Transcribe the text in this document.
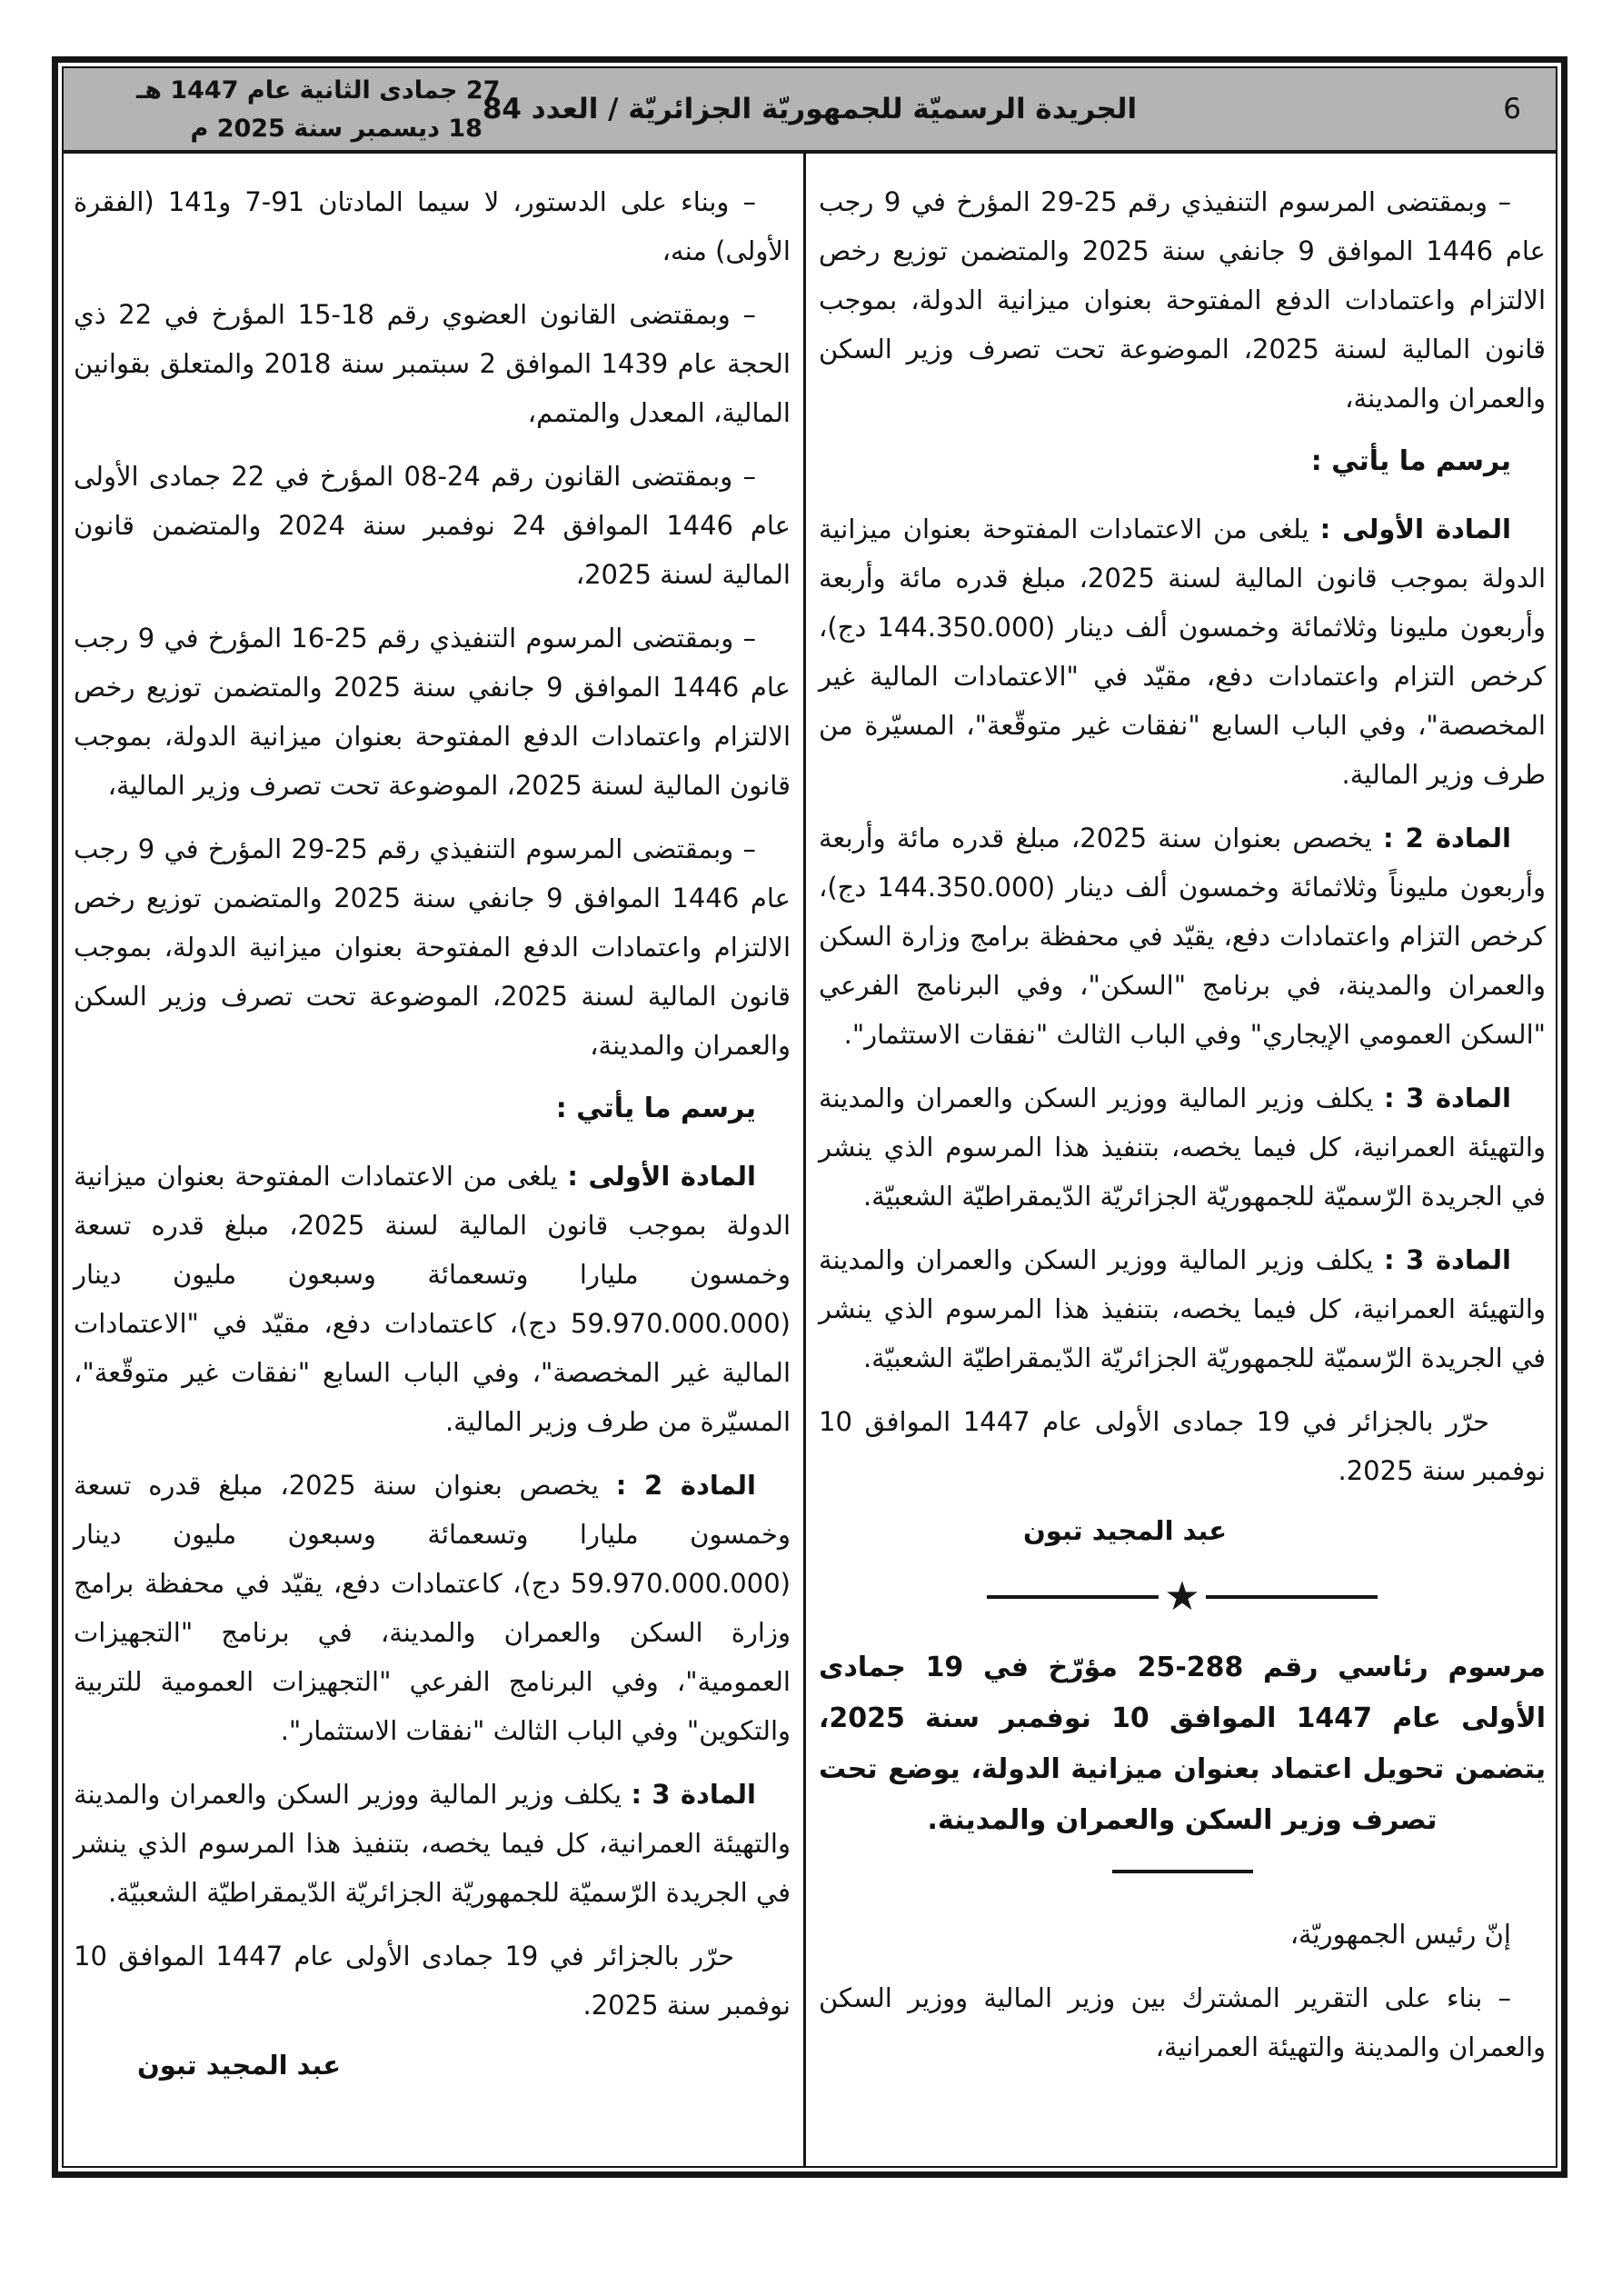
27 جمادى الثانية عام 1447 هـ
18 ديسمبر سنة 2025 م
الجريدة الرسميّة للجمهوريّة الجزائريّة / العدد 84	6

– وبناء على الدستور، لا سيما المادتان 91-7 و141 (الفقرة الأولى) منه،

– وبمقتضى القانون العضوي رقم 18-15 المؤرخ في 22 ذي الحجة عام 1439 الموافق 2 سبتمبر سنة 2018 والمتعلق بقوانين المالية، المعدل والمتمم،

– وبمقتضى القانون رقم 24-08 المؤرخ في 22 جمادى الأولى عام 1446 الموافق 24 نوفمبر سنة 2024 والمتضمن قانون المالية لسنة 2025،

– وبمقتضى المرسوم التنفيذي رقم 25-16 المؤرخ في 9 رجب عام 1446 الموافق 9 جانفي سنة 2025 والمتضمن توزيع رخص الالتزام واعتمادات الدفع المفتوحة بعنوان ميزانية الدولة، بموجب قانون المالية لسنة 2025، الموضوعة تحت تصرف وزير المالية،

– وبمقتضى المرسوم التنفيذي رقم 25-29 المؤرخ في 9 رجب عام 1446 الموافق 9 جانفي سنة 2025 والمتضمن توزيع رخص الالتزام واعتمادات الدفع المفتوحة بعنوان ميزانية الدولة، بموجب قانون المالية لسنة 2025، الموضوعة تحت تصرف وزير السكن والعمران والمدينة،

يرسم ما يأتي :

المادة الأولى : يلغى من الاعتمادات المفتوحة بعنوان ميزانية الدولة بموجب قانون المالية لسنة 2025، مبلغ قدره تسعة وخمسون مليارا وتسعمائة وسبعون مليون دينار (59.970.000.000 دج)، كاعتمادات دفع، مقيّد في "الاعتمادات المالية غير المخصصة"، وفي الباب السابع "نفقات غير متوقّعة"، المسيّرة من طرف وزير المالية.

المادة 2 : يخصص بعنوان سنة 2025، مبلغ قدره تسعة وخمسون مليارا وتسعمائة وسبعون مليون دينار (59.970.000.000 دج)، كاعتمادات دفع، يقيّد في محفظة برامج وزارة السكن والعمران والمدينة، في برنامج "التجهيزات العمومية"، وفي البرنامج الفرعي "التجهيزات العمومية للتربية والتكوين" وفي الباب الثالث "نفقات الاستثمار".

المادة 3 : يكلف وزير المالية ووزير السكن والعمران والمدينة والتهيئة العمرانية، كل فيما يخصه، بتنفيذ هذا المرسوم الذي ينشر في الجريدة الرّسميّة للجمهوريّة الجزائريّة الدّيمقراطيّة الشعبيّة.

حرّر بالجزائر في 19 جمادى الأولى عام 1447 الموافق 10 نوفمبر سنة 2025.

عبد المجيد تبون

– وبمقتضى المرسوم التنفيذي رقم 25-29 المؤرخ في 9 رجب عام 1446 الموافق 9 جانفي سنة 2025 والمتضمن توزيع رخص الالتزام واعتمادات الدفع المفتوحة بعنوان ميزانية الدولة، بموجب قانون المالية لسنة 2025، الموضوعة تحت تصرف وزير السكن والعمران والمدينة،

يرسم ما يأتي :

المادة الأولى : يلغى من الاعتمادات المفتوحة بعنوان ميزانية الدولة بموجب قانون المالية لسنة 2025، مبلغ قدره مائة وأربعة وأربعون مليونا وثلاثمائة وخمسون ألف دينار (144.350.000 دج)، كرخص التزام واعتمادات دفع، مقيّد في "الاعتمادات المالية غير المخصصة"، وفي الباب السابع "نفقات غير متوقّعة"، المسيّرة من طرف وزير المالية.

المادة 2 : يخصص بعنوان سنة 2025، مبلغ قدره مائة وأربعة وأربعون مليوناً وثلاثمائة وخمسون ألف دينار (144.350.000 دج)، كرخص التزام واعتمادات دفع، يقيّد في محفظة برامج وزارة السكن والعمران والمدينة، في برنامج "السكن"، وفي البرنامج الفرعي "السكن العمومي الإيجاري" وفي الباب الثالث "نفقات الاستثمار".

المادة 3 : يكلف وزير المالية ووزير السكن والعمران والمدينة والتهيئة العمرانية، كل فيما يخصه، بتنفيذ هذا المرسوم الذي ينشر في الجريدة الرّسميّة للجمهوريّة الجزائريّة الدّيمقراطيّة الشعبيّة.

المادة 3 : يكلف وزير المالية ووزير السكن والعمران والمدينة والتهيئة العمرانية، كل فيما يخصه، بتنفيذ هذا المرسوم الذي ينشر في الجريدة الرّسميّة للجمهوريّة الجزائريّة الدّيمقراطيّة الشعبيّة.

حرّر بالجزائر في 19 جمادى الأولى عام 1447 الموافق 10 نوفمبر سنة 2025.

عبد المجيد تبون
★

مرسوم رئاسي رقم 288-25 مؤرّخ في 19 جمادى الأولى عام 1447 الموافق 10 نوفمبر سنة 2025، يتضمن تحويل اعتماد بعنوان ميزانية الدولة، يوضع تحت تصرف وزير السكن والعمران والمدينة.

إنّ رئيس الجمهوريّة،

– بناء على التقرير المشترك بين وزير المالية ووزير السكن والعمران والمدينة والتهيئة العمرانية،
